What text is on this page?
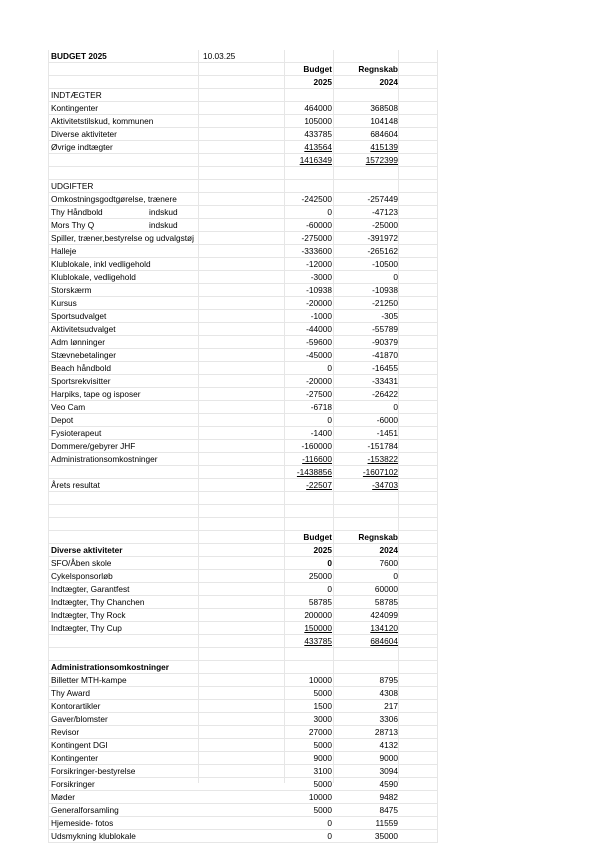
BUDGET 2025	10.03.25
Budget	Regnskab
2025	2024
INDTÆGTER
Kontingenter	464000	368508
Aktivitetstilskud, kommunen	105000	104148
Diverse aktiviteter	433785	684604
Øvrige indtægter	413564	415139
1416349	1572399
UDGIFTER
Omkostningsgodtgørelse, trænere	-242500	-257449
Thy Håndbold	indskud	0	-47123
Mors Thy Q	indskud	-60000	-25000
Spiller, træner,bestyrelse og udvalgstøj	-275000	-391972
Halleje	-333600	-265162
Klublokale, inkl vedligehold	-12000	-10500
Klublokale, vedligehold	-3000	0
Storskærm	-10938	-10938
Kursus	-20000	-21250
Sportsudvalget	-1000	-305
Aktivitetsudvalget	-44000	-55789
Adm lønninger	-59600	-90379
Stævnebetalinger	-45000	-41870
Beach håndbold	0	-16455
Sportsrekvisitter	-20000	-33431
Harpiks, tape og isposer	-27500	-26422
Veo Cam	-6718	0
Depot	0	-6000
Fysioterapeut	-1400	-1451
Dommere/gebyrer JHF	-160000	-151784
Administrationsomkostninger	-116600	-153822
-1438856	-1607102
Årets resultat	-22507	-34703
Budget	Regnskab
Diverse aktiviteter	2025	2024
SFO/Åben skole	0	7600
Cykelsponsorløb	25000	0
Indtægter, Garantfest	0	60000
Indtægter, Thy Chanchen	58785	58785
Indtægter, Thy Rock	200000	424099
Indtægter, Thy Cup	150000	134120
433785	684604
Administrationsomkostninger
Billetter MTH-kampe	10000	8795
Thy Award	5000	4308
Kontorartikler	1500	217
Gaver/blomster	3000	3306
Revisor	27000	28713
Kontingent DGI	5000	4132
Kontingenter	9000	9000
Forsikringer-bestyrelse	3100	3094
Forsikringer	5000	4590
Møder	10000	9482
Generalforsamling	5000	8475
Hjemeside- fotos	0	11559
Udsmykning klublokale	0	35000
